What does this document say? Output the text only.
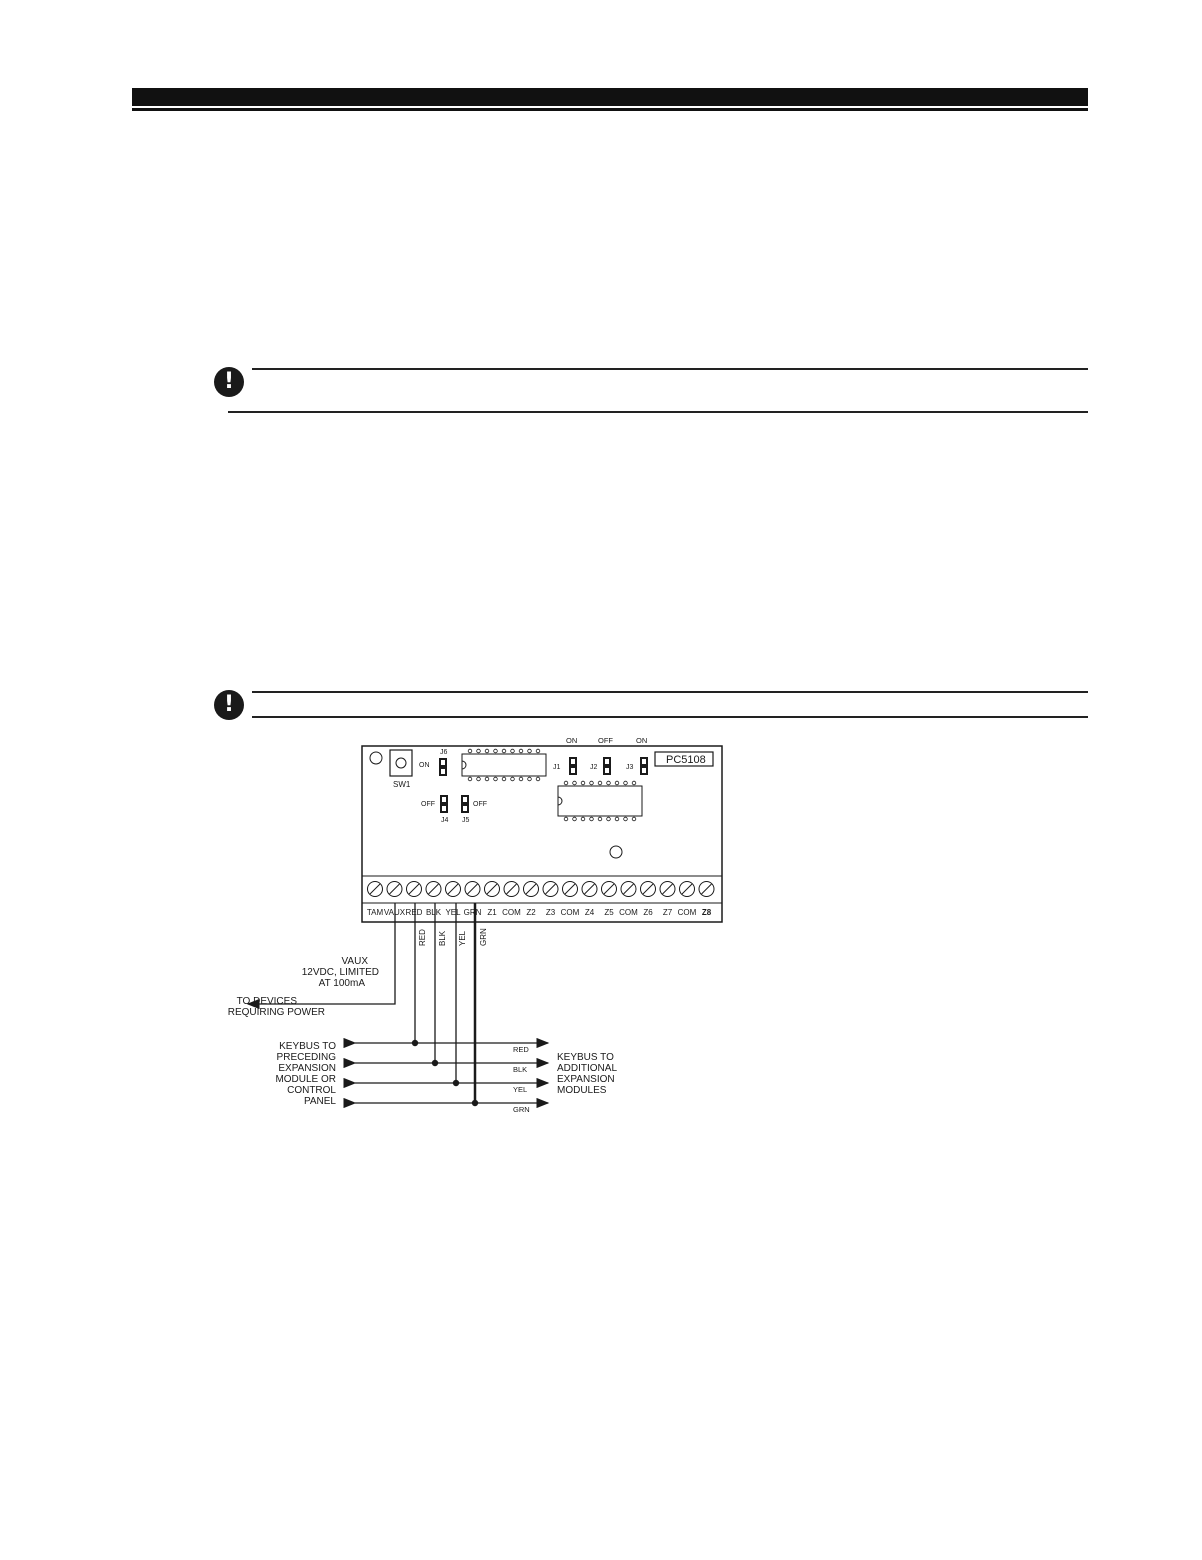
!
!
SW1
PC5108
J6
ON
J4
OFF
J5
OFF
J1	J2	J3
ON	OFF	ON
TAM VAUX RED BLK YEL GRN Z1 COM Z2 Z3 COM Z4 Z5 COM Z6 Z7 COM Z8
RED BLK YEL GRN
RED
BLK
YEL
GRN
VAUX
12VDC, LIMITED
AT 100mA
TO DEVICES
REQUIRING POWER
KEYBUS TO
PRECEDING
EXPANSION
MODULE OR
CONTROL
PANEL
KEYBUS TO
ADDITIONAL
EXPANSION
MODULES
